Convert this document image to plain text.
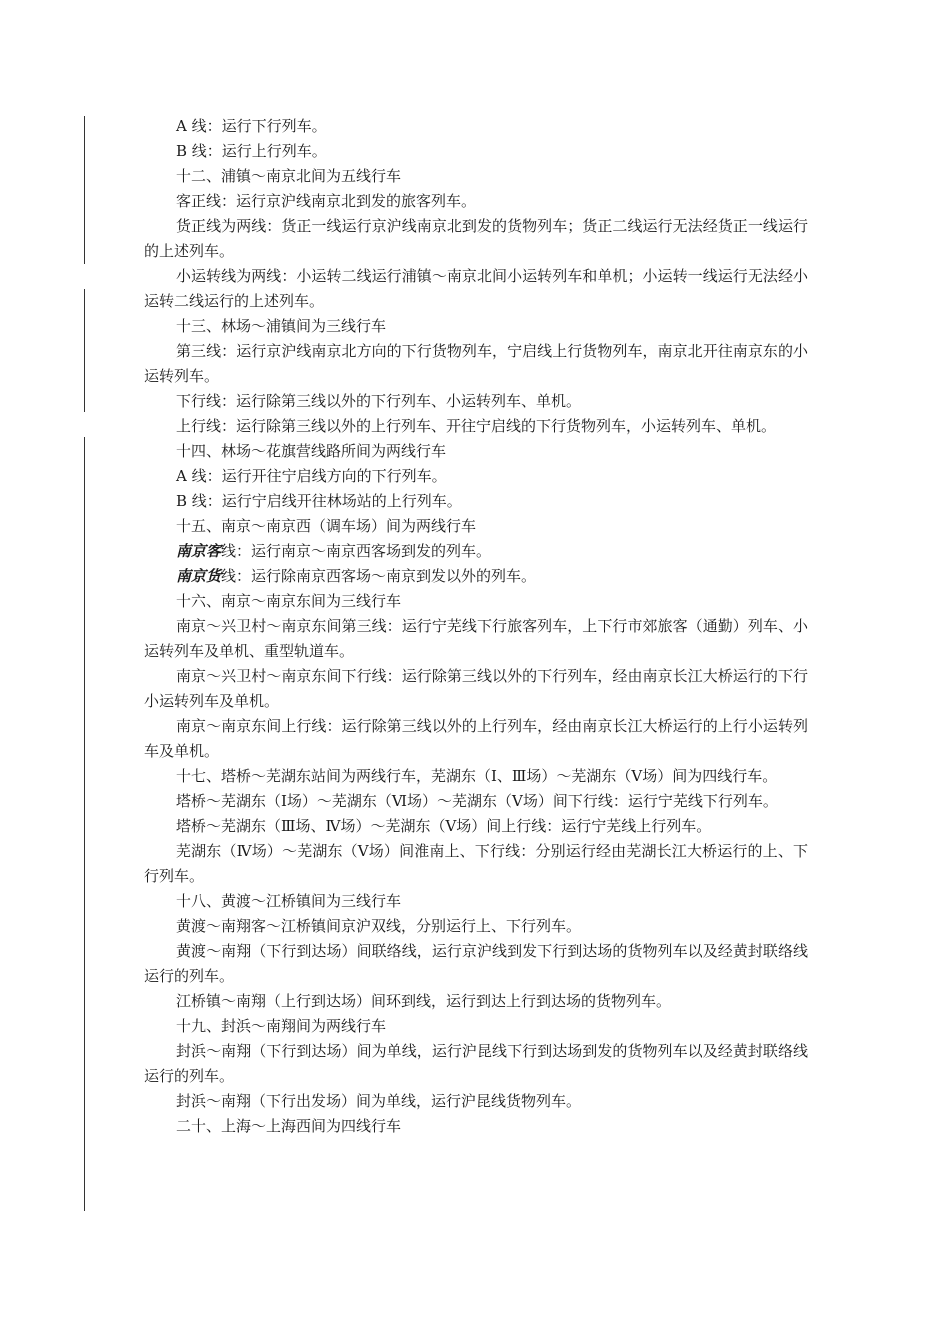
A 线：运行下行列车。

B 线：运行上行列车。

十二、浦镇～南京北间为五线行车

客正线：运行京沪线南京北到发的旅客列车。

货正线为两线：货正一线运行京沪线南京北到发的货物列车；货正二线运行无法经货正一线运行的上述列车。

小运转线为两线：小运转二线运行浦镇～南京北间小运转列车和单机；小运转一线运行无法经小运转二线运行的上述列车。

十三、林场～浦镇间为三线行车

第三线：运行京沪线南京北方向的下行货物列车，宁启线上行货物列车，南京北开往南京东的小运转列车。

下行线：运行除第三线以外的下行列车、小运转列车、单机。

上行线：运行除第三线以外的上行列车、开往宁启线的下行货物列车，小运转列车、单机。

十四、林场～花旗营线路所间为两线行车

A 线：运行开往宁启线方向的下行列车。

B 线：运行宁启线开往林场站的上行列车。

十五、南京～南京西（调车场）间为两线行车

南京客线：运行南京～南京西客场到发的列车。

南京货线：运行除南京西客场～南京到发以外的列车。

十六、南京～南京东间为三线行车

南京～兴卫村～南京东间第三线：运行宁芜线下行旅客列车，上下行市郊旅客（通勤）列车、小运转列车及单机、重型轨道车。

南京～兴卫村～南京东间下行线：运行除第三线以外的下行列车，经由南京长江大桥运行的下行小运转列车及单机。

南京～南京东间上行线：运行除第三线以外的上行列车，经由南京长江大桥运行的上行小运转列车及单机。

十七、塔桥～芜湖东站间为两线行车，芜湖东（Ⅰ、Ⅲ场）～芜湖东（Ⅴ场）间为四线行车。

塔桥～芜湖东（Ⅰ场）～芜湖东（Ⅵ场）～芜湖东（Ⅴ场）间下行线：运行宁芜线下行列车。

塔桥～芜湖东（Ⅲ场、Ⅳ场）～芜湖东（Ⅴ场）间上行线：运行宁芜线上行列车。

芜湖东（Ⅳ场）～芜湖东（Ⅴ场）间淮南上、下行线：分别运行经由芜湖长江大桥运行的上、下行列车。

十八、黄渡～江桥镇间为三线行车

黄渡～南翔客～江桥镇间京沪双线，分别运行上、下行列车。

黄渡～南翔（下行到达场）间联络线，运行京沪线到发下行到达场的货物列车以及经黄封联络线运行的列车。

江桥镇～南翔（上行到达场）间环到线，运行到达上行到达场的货物列车。

十九、封浜～南翔间为两线行车

封浜～南翔（下行到达场）间为单线，运行沪昆线下行到达场到发的货物列车以及经黄封联络线运行的列车。

封浜～南翔（下行出发场）间为单线，运行沪昆线货物列车。

二十、上海～上海西间为四线行车
